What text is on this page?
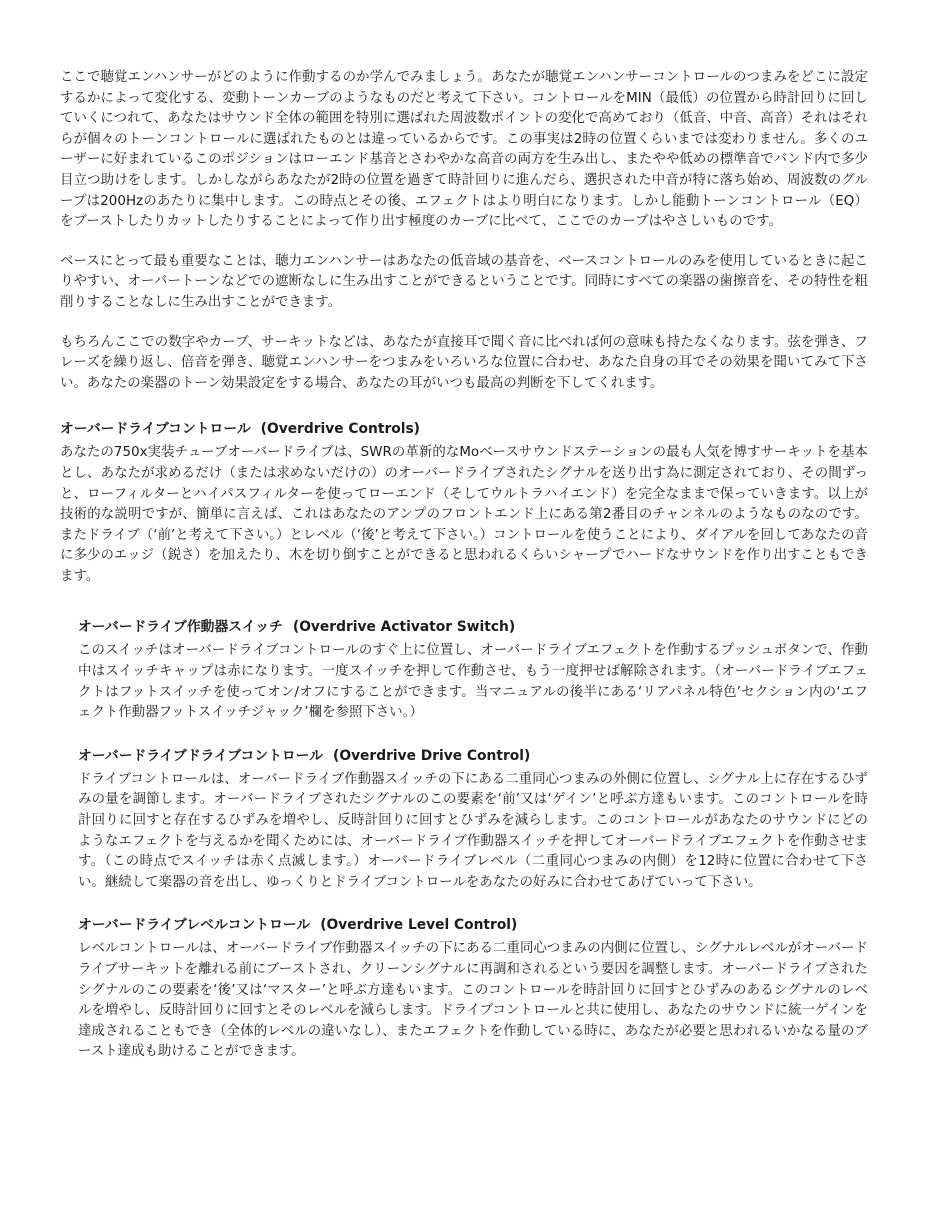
ここで聴覚エンハンサーがどのように作動するのか学んでみましょう。あなたが聴覚エンハンサーコントロールのつまみをどこに設定するかによって変化する、変動トーンカーブのようなものだと考えて下さい。コントロールをMIN（最低）の位置から時計回りに回していくにつれて、あなたはサウンド全体の範囲を特別に選ばれた周波数ポイントの変化で高めており（低音、中音、高音）それはそれらが個々のトーンコントロールに選ばれたものとは違っているからです。この事実は2時の位置くらいまでは変わりません。多くのユーザーに好まれているこのポジションはローエンド基音とさわやかな高音の両方を生み出し、またやや低めの標準音でバンド内で多少目立つ助けをします。しかしながらあなたが2時の位置を過ぎて時計回りに進んだら、選択された中音が特に落ち始め、周波数のグループは200Hzのあたりに集中します。この時点とその後、エフェクトはより明白になります。しかし能動トーンコントロール（EQ）をブーストしたりカットしたりすることによって作り出す極度のカーブに比べて、ここでのカーブはやさしいものです。

ベースにとって最も重要なことは、聴力エンハンサーはあなたの低音域の基音を、ベースコントロールのみを使用しているときに起こりやすい、オーバートーンなどでの遮断なしに生み出すことができるということです。同時にすべての楽器の歯擦音を、その特性を粗削りすることなしに生み出すことができます。

もちろんここでの数字やカーブ、サーキットなどは、あなたが直接耳で聞く音に比べれば何の意味も持たなくなります。弦を弾き、フレーズを繰り返し、倍音を弾き、聴覚エンハンサーをつまみをいろいろな位置に合わせ、あなた自身の耳でその効果を聞いてみて下さい。あなたの楽器のトーン効果設定をする場合、あなたの耳がいつも最高の判断を下してくれます。

オーバードライブコントロール (Overdrive Controls)

あなたの750x実装チューブオーバードライブは、SWRの革新的なMoベースサウンドステーションの最も人気を博すサーキットを基本とし、あなたが求めるだけ（または求めないだけの）のオーバードライブされたシグナルを送り出す為に測定されており、その間ずっと、ローフィルターとハイパスフィルターを使ってローエンド（そしてウルトラハイエンド）を完全なままで保っていきます。以上が技術的な説明ですが、簡単に言えば、これはあなたのアンプのフロントエンド上にある第2番目のチャンネルのようなものなのです。またドライブ（‘前’と考えて下さい。）とレベル（‘後’と考えて下さい。）コントロールを使うことにより、ダイアルを回してあなたの音に多少のエッジ（鋭さ）を加えたり、木を切り倒すことができると思われるくらいシャープでハードなサウンドを作り出すこともできます。

オーバードライブ作動器スイッチ (Overdrive Activator Switch)

このスイッチはオーバードライブコントロールのすぐ上に位置し、オーバードライブエフェクトを作動するプッシュボタンで、作動中はスイッチキャップは赤になります。一度スイッチを押して作動させ、もう一度押せば解除されます。（オーバードライブエフェクトはフットスイッチを使ってオン/オフにすることができます。当マニュアルの後半にある‘リアパネル特色’セクション内の‘エフェクト作動器フットスイッチジャック’欄を参照下さい。）

オーバードライブドライブコントロール (Overdrive Drive Control)

ドライブコントロールは、オーバードライブ作動器スイッチの下にある二重同心つまみの外側に位置し、シグナル上に存在するひずみの量を調節します。オーバードライブされたシグナルのこの要素を‘前’又は‘ゲイン’と呼ぶ方達もいます。このコントロールを時計回りに回すと存在するひずみを増やし、反時計回りに回すとひずみを減らします。このコントロールがあなたのサウンドにどのようなエフェクトを与えるかを聞くためには、オーバードライブ作動器スイッチを押してオーバードライブエフェクトを作動させます。（この時点でスイッチは赤く点滅します。）オーバードライブレベル（二重同心つまみの内側）を12時に位置に合わせて下さい。継続して楽器の音を出し、ゆっくりとドライブコントロールをあなたの好みに合わせてあげていって下さい。

オーバードライブレベルコントロール (Overdrive Level Control)

レベルコントロールは、オーバードライブ作動器スイッチの下にある二重同心つまみの内側に位置し、シグナルレベルがオーバードライブサーキットを離れる前にブーストされ、クリーンシグナルに再調和されるという要因を調整します。オーバードライブされたシグナルのこの要素を‘後’又は‘マスター’と呼ぶ方達もいます。このコントロールを時計回りに回すとひずみのあるシグナルのレベルを増やし、反時計回りに回すとそのレベルを減らします。ドライブコントロールと共に使用し、あなたのサウンドに統一ゲインを達成されることもでき（全体的レベルの違いなし）、またエフェクトを作動している時に、あなたが必要と思われるいかなる量のブースト達成も助けることができます。
